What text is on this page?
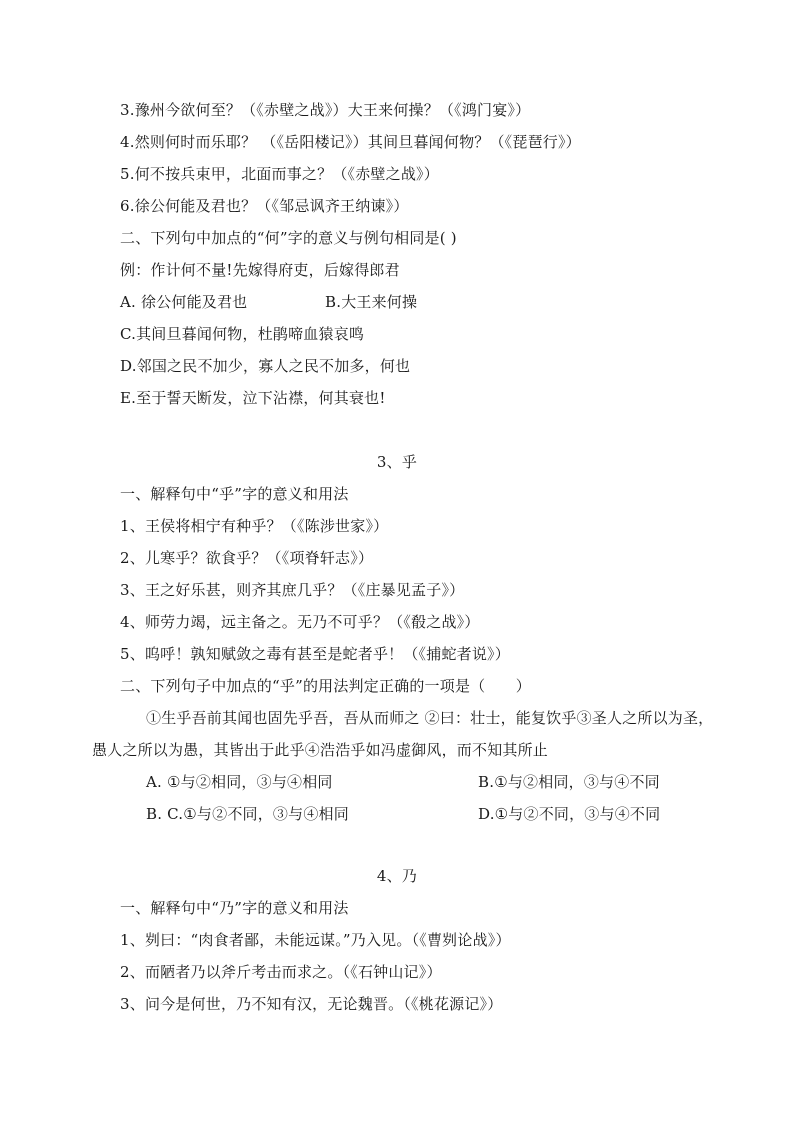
3.豫州今欲何至？（《赤壁之战》）大王来何操？（《鸿门宴》）
4.然则何时而乐耶？ （《岳阳楼记》）其间旦暮闻何物？（《琵琶行》）
5.何不按兵束甲，北面而事之？（《赤壁之战》）
6.徐公何能及君也？（《邹忌讽齐王纳谏》）
二、下列句中加点的“何”字的意义与例句相同是( )
例：作计何不量!先嫁得府吏，后嫁得郎君
A. 徐公何能及君也	B.大王来何操
C.其间旦暮闻何物，杜鹃啼血猿哀鸣
D.邻国之民不加少，寡人之民不加多，何也
E.至于誓天断发，泣下沾襟，何其衰也!
3、乎
一、解释句中“乎”字的意义和用法
1、王侯将相宁有种乎？（《陈涉世家》）
2、儿寒乎？欲食乎？（《项脊轩志》）
3、王之好乐甚，则齐其庶几乎？（《庄暴见孟子》）
4、师劳力竭，远主备之。无乃不可乎？（《殽之战》）
5、呜呼！孰知赋敛之毒有甚至是蛇者乎！（《捕蛇者说》）
二、下列句子中加点的“乎”的用法判定正确的一项是（　　）
①生乎吾前其闻也固先乎吾，吾从而师之 ②曰：壮士，能复饮乎③圣人之所以为圣，
愚人之所以为愚，其皆出于此乎④浩浩乎如冯虚御风，而不知其所止
A. ①与②相同，③与④相同	B.①与②相同，③与④不同
B. C.①与②不同，③与④相同	D.①与②不同，③与④不同
4、乃
一、解释句中“乃”字的意义和用法
1、刿曰：“肉食者鄙，未能远谋。”乃入见。（《曹刿论战》）
2、而陋者乃以斧斤考击而求之。（《石钟山记》）
3、问今是何世，乃不知有汉，无论魏晋。（《桃花源记》）
